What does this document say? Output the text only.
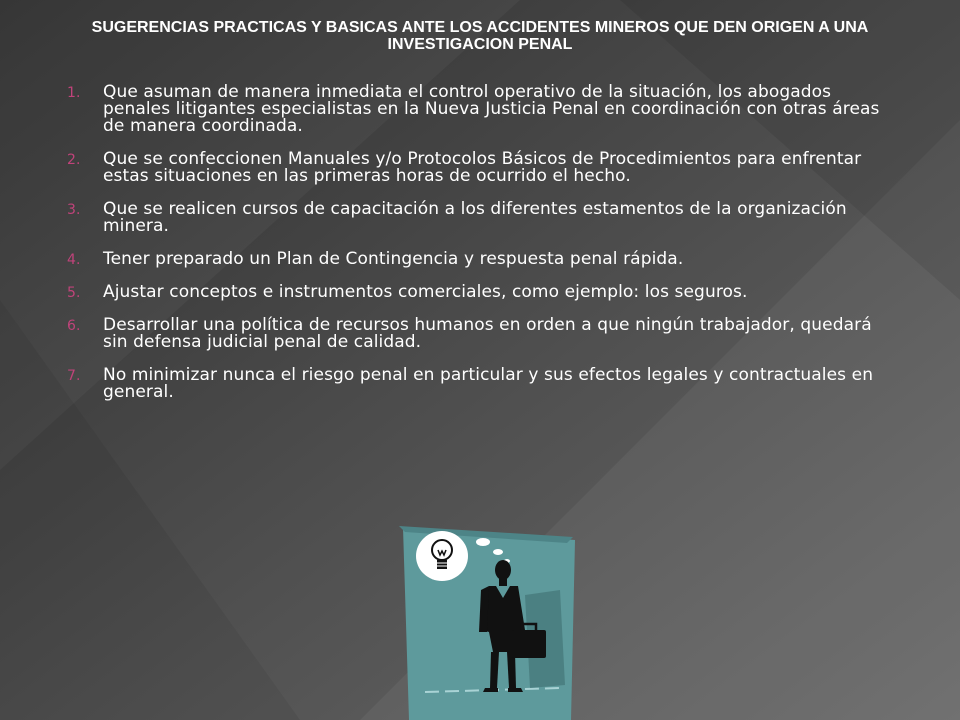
SUGERENCIAS PRACTICAS Y BASICAS ANTE LOS ACCIDENTES MINEROS QUE DEN ORIGEN A UNA INVESTIGACION PENAL
1. Que asuman de manera inmediata el control operativo de la situación, los abogados penales litigantes especialistas en la Nueva Justicia Penal en coordinación con otras áreas de manera coordinada.
2. Que se confeccionen Manuales y/o Protocolos Básicos de Procedimientos para enfrentar estas situaciones en las primeras horas de ocurrido el hecho.
3. Que se realicen cursos de capacitación a los diferentes estamentos de la organización minera.
4. Tener preparado un Plan de Contingencia y respuesta penal rápida.
5. Ajustar conceptos e instrumentos comerciales, como ejemplo: los seguros.
6. Desarrollar una política de recursos humanos en orden a que ningún trabajador, quedará sin defensa judicial penal de calidad.
7. No minimizar nunca el riesgo penal en particular y sus efectos legales y contractuales en general.
